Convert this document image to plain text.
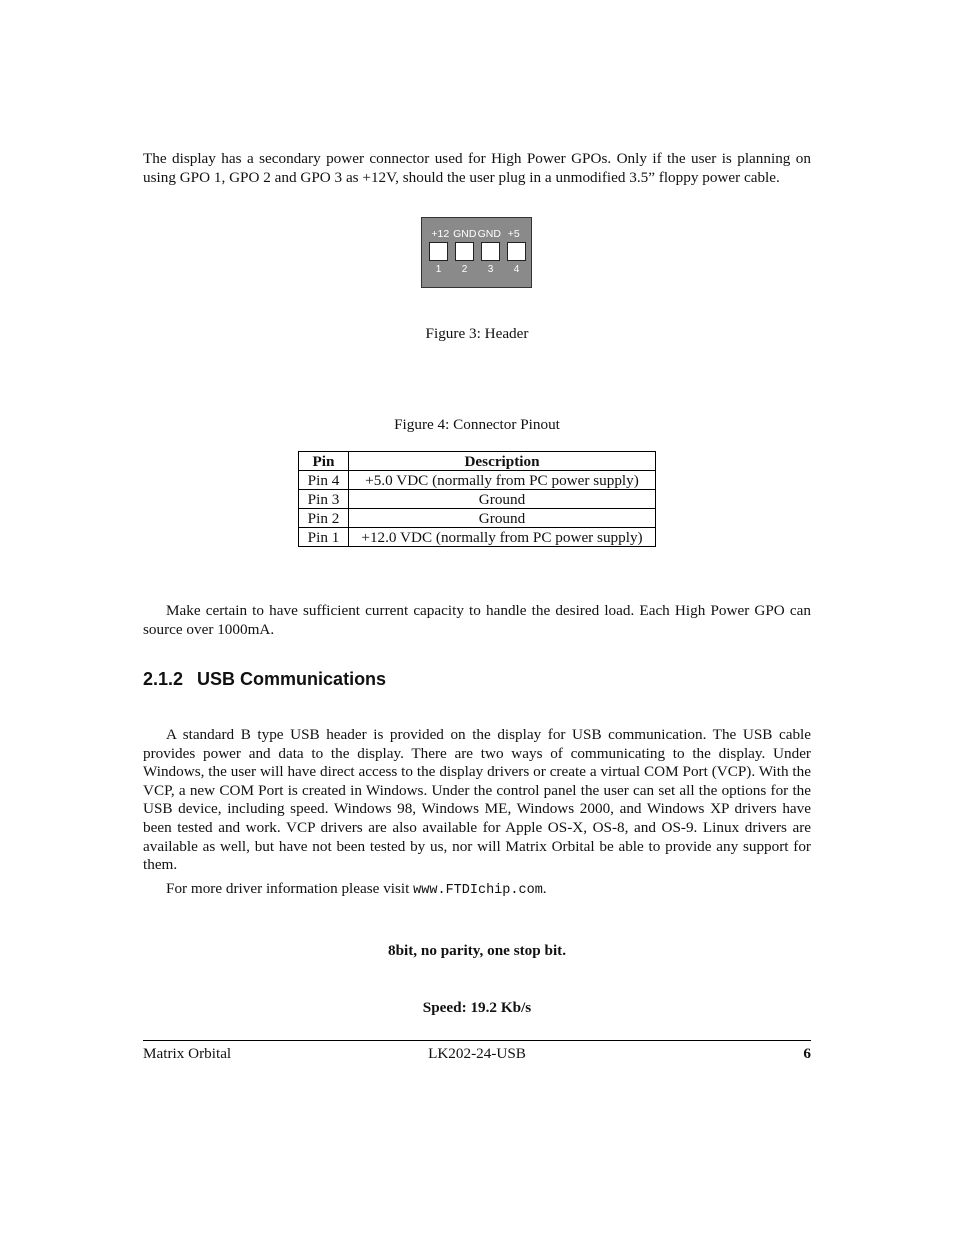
The display has a secondary power connector used for High Power GPOs. Only if the user is planning on using GPO 1, GPO 2 and GPO 3 as +12V, should the user plug in a unmodified 3.5” floppy power cable.

+12 GND GND +5
1	2	3	4
Figure 3: Header
Figure 4: Connector Pinout
Pin	Description
Pin 4	+5.0 VDC (normally from PC power supply)
Pin 3	Ground
Pin 2	Ground
Pin 1	+12.0 VDC (normally from PC power supply)

Make certain to have sufficient current capacity to handle the desired load. Each High Power GPO can source over 1000mA.

2.1.2 USB Communications

A standard B type USB header is provided on the display for USB communication. The USB cable provides power and data to the display. There are two ways of communicating to the display. Under Windows, the user will have direct access to the display drivers or create a virtual COM Port (VCP). With the VCP, a new COM Port is created in Windows. Under the control panel the user can set all the options for the USB device, including speed. Windows 98, Windows ME, Windows 2000, and Windows XP drivers have been tested and work. VCP drivers are also available for Apple OS-X, OS-8, and OS-9. Linux drivers are available as well, but have not been tested by us, nor will Matrix Orbital be able to provide any support for them.

For more driver information please visit www.FTDIchip.com.

8bit, no parity, one stop bit.
Speed: 19.2 Kb/s
Matrix Orbital	LK202-24-USB	6
